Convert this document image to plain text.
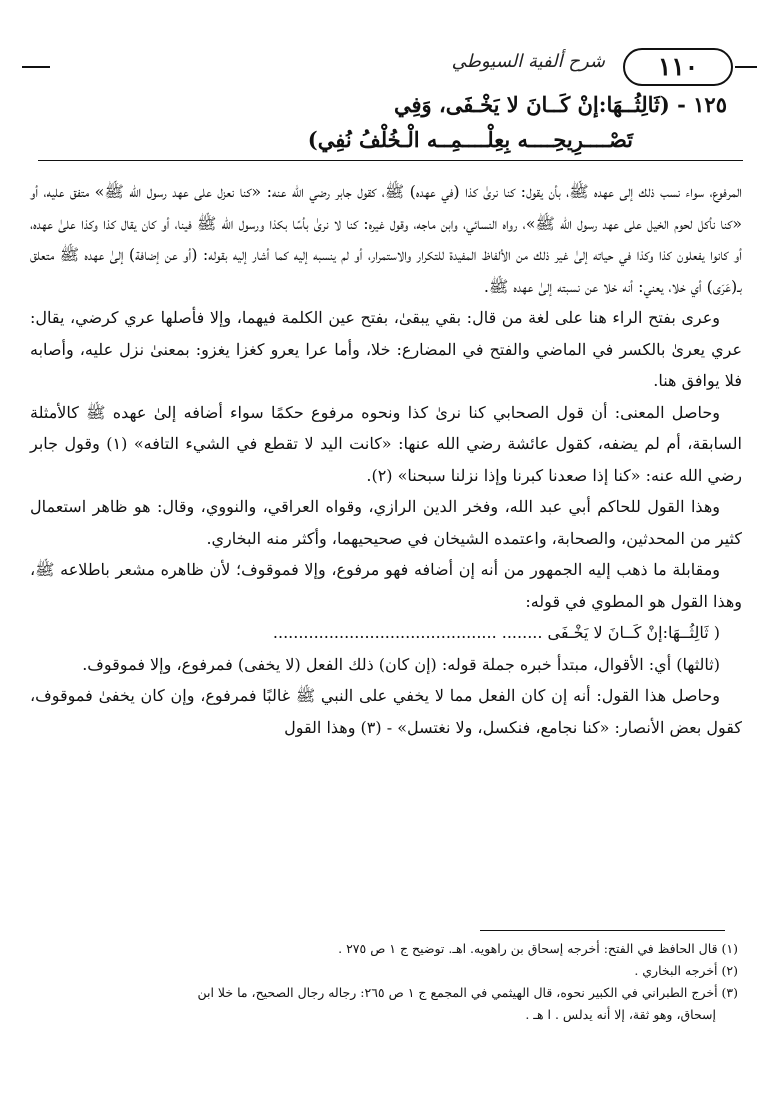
شرح ألفية السيوطي	١١٠
١٢٥ - (ثَالِثُــهَا:إنْ كَــانَ لا يَخْـفَى، وَفِي
تَصْــــرِيحِــــه بِعِلْــــمِــه الْـخُلْفُ نُفِي)

المرفوع، سواء نسب ذلك إلى عهده ﷺ، بأن يقول: كنا نرىٰ كذا (في عهده) ﷺ، كقول جابر رضي الله عنه: «كنا نعزل على عهد رسول الله ﷺ» متفق عليه، أو «كنا نأكل لحوم الخيل على عهد رسول الله ﷺ»، رواه النسائي، وابن ماجه، وقول غيره: كنا لا نرىٰ بأسًا بكذا ورسول الله ﷺ فينا، أو كان يقال كذا وكذا علىٰ عهده، أو كانوا يفعلون كذا وكذا في حياته إلىٰ غير ذلك من الألفاظ المفيدة للتكرار والاستمرار، أو لم ينسبه إليه كما أشار إليه بقوله: (أو عن إضافة) إلىٰ عهده ﷺ متعلق بـ(عَرَى) أي خلا، يعني: أنه خلا عن نسبته إلىٰ عهده ﷺ.

وعرى بفتح الراء هنا على لغة من قال: بقي يبقىٰ، بفتح عين الكلمة فيهما، وإلا فأصلها عري كرضي، يقال: عري يعرىٰ بالكسر في الماضي والفتح في المضارع: خلا، وأما عرا يعرو كغزا يغزو: بمعنىٰ نزل عليه، وأصابه فلا يوافق هنا.

وحاصل المعنى: أن قول الصحابي كنا نرىٰ كذا ونحوه مرفوع حكمًا سواء أضافه إلىٰ عهده ﷺ كالأمثلة السابقة، أم لم يضفه، كقول عائشة رضي الله عنها: «كانت اليد لا تقطع في الشيء التافه» (١) وقول جابر رضي الله عنه: «كنا إذا صعدنا كبرنا وإذا نزلنا سبحنا» (٢).

وهذا القول للحاكم أبي عبد الله، وفخر الدين الرازي، وقواه العراقي، والنووي، وقال: هو ظاهر استعمال كثير من المحدثين، والصحابة، واعتمده الشيخان في صحيحيهما، وأكثر منه البخاري.

ومقابلة ما ذهب إليه الجمهور من أنه إن أضافه فهو مرفوع، وإلا فموقوف؛ لأن ظاهره مشعر باطلاعه ﷺ، وهذا القول هو المطوي في قوله:

( ثَالِثُــهَا:إنْ كَــانَ لا يَخْـفَى ........ ............................................

(ثالثها) أي: الأقوال، مبتدأ خبره جملة قوله: (إن كان) ذلك الفعل (لا يخفى) فمرفوع، وإلا فموقوف.

وحاصل هذا القول: أنه إن كان الفعل مما لا يخفي على النبي ﷺ غالبًا فمرفوع، وإن كان يخفىٰ فموقوف، كقول بعض الأنصار: «كنا نجامع، فنكسل، ولا نغتسل» - (٣) وهذا القول

(١) قال الحافظ في الفتح: أخرجه إسحاق بن راهويه. اهـ. توضيح ج ١ ص ٢٧٥ .

(٢) أخرجه البخاري .

(٣) أخرج الطبراني في الكبير نحوه، قال الهيثمي في المجمع ج ١ ص ٢٦٥: رجاله رجال الصحيح، ما خلا ابن

إسحاق، وهو ثقة، إلا أنه يدلس . ا هـ .
